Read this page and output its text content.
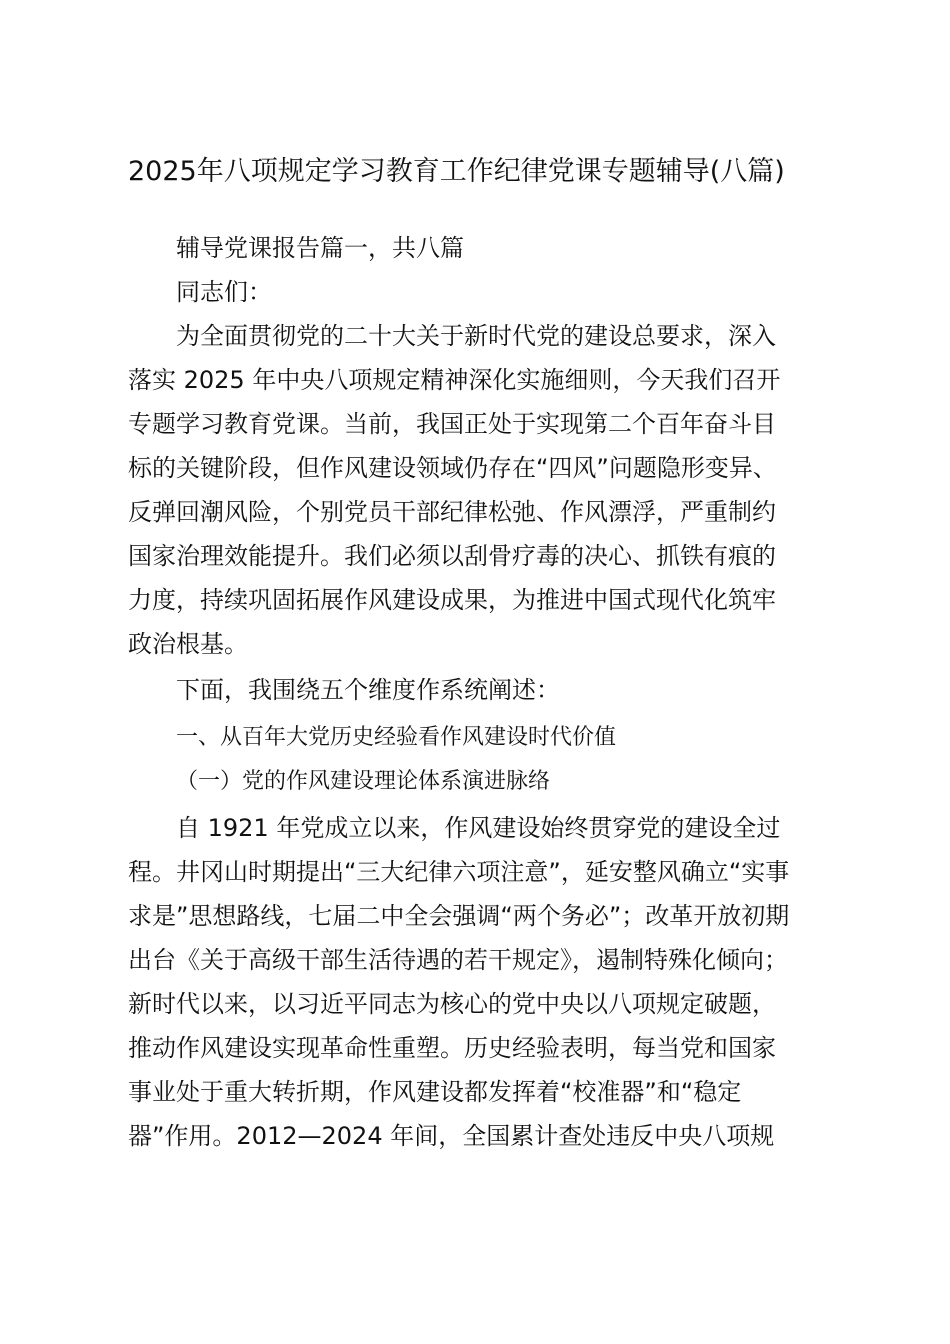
2025年八项规定学习教育工作纪律党课专题辅导(八篇)
辅导党课报告篇一，共八篇
同志们：
为全面贯彻党的二十大关于新时代党的建设总要求，深入
落实 2025 年中央八项规定精神深化实施细则，今天我们召开
专题学习教育党课。当前，我国正处于实现第二个百年奋斗目
标的关键阶段，但作风建设领域仍存在“四风”问题隐形变异、
反弹回潮风险，个别党员干部纪律松弛、作风漂浮，严重制约
国家治理效能提升。我们必须以刮骨疗毒的决心、抓铁有痕的
力度，持续巩固拓展作风建设成果，为推进中国式现代化筑牢
政治根基。
下面，我围绕五个维度作系统阐述：
一、从百年大党历史经验看作风建设时代价值
（一）党的作风建设理论体系演进脉络
自 1921 年党成立以来，作风建设始终贯穿党的建设全过
程。井冈山时期提出“三大纪律六项注意”，延安整风确立“实事
求是”思想路线，七届二中全会强调“两个务必”；改革开放初期
出台《关于高级干部生活待遇的若干规定》，遏制特殊化倾向；
新时代以来，以习近平同志为核心的党中央以八项规定破题，
推动作风建设实现革命性重塑。历史经验表明，每当党和国家
事业处于重大转折期，作风建设都发挥着“校准器”和“稳定
器”作用。2012—2024 年间，全国累计查处违反中央八项规
